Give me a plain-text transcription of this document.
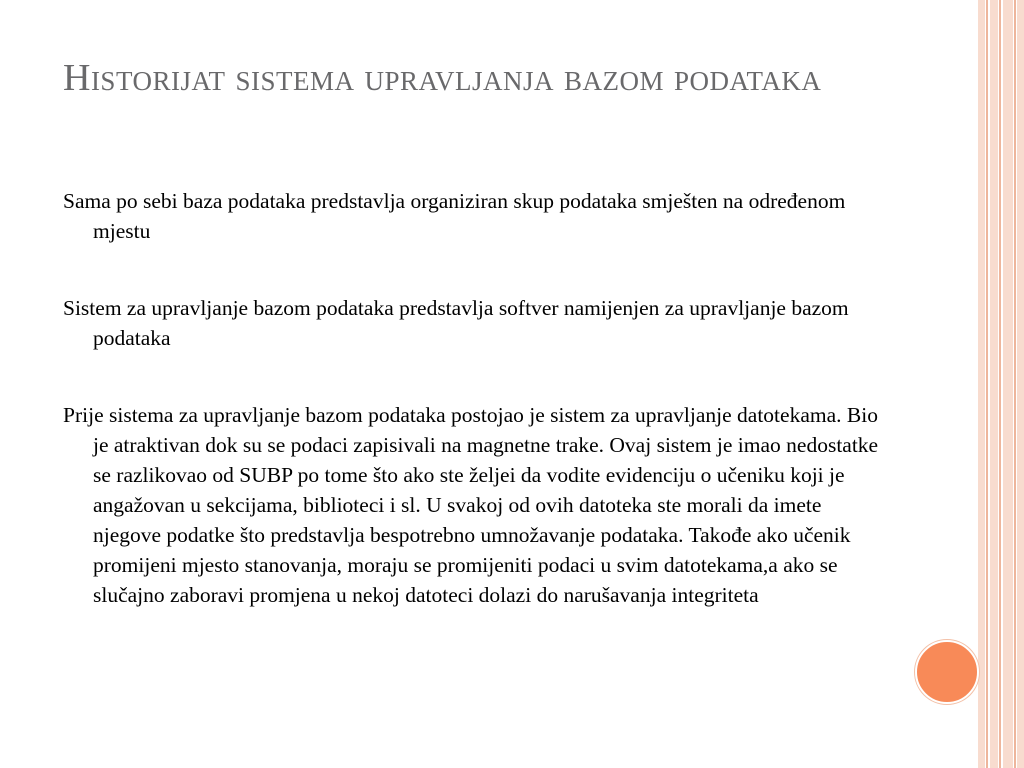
Historijat sistema upravljanja bazom podataka

Sama po sebi baza podataka predstavlja organiziran skup podataka smješten na određenom mjestu

Sistem za upravljanje bazom podataka predstavlja softver namijenjen za upravljanje bazom podataka

Prije sistema za upravljanje bazom podataka postojao je sistem za upravljanje datotekama. Bio je atraktivan dok su se podaci zapisivali na magnetne trake. Ovaj sistem je imao nedostatke se razlikovao od SUBP po tome što ako ste željei da vodite evidenciju o učeniku koji je angažovan u sekcijama, biblioteci i sl. U svakoj od ovih datoteka ste morali da imete njegove podatke što predstavlja bespotrebno umnožavanje podataka. Takođe ako učenik promijeni mjesto stanovanja, moraju se promijeniti podaci u svim datotekama,a ako se slučajno zaboravi promjena u nekoj datoteci dolazi do narušavanja integriteta
